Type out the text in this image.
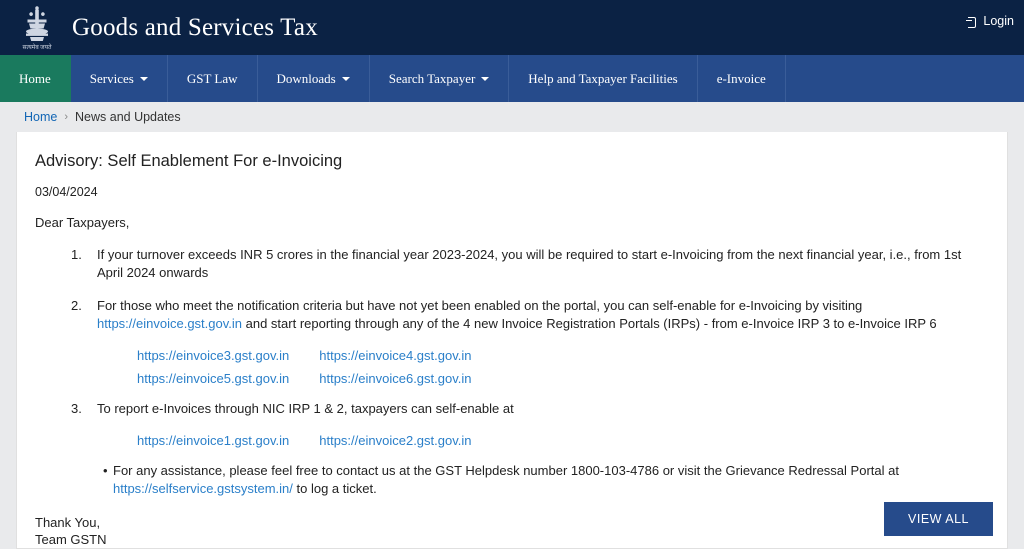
सत्यमेव जयते
Goods and Services Tax	Login
Home	Services	GST Law	Downloads	Search Taxpayer	Help and Taxpayer Facilities	e-Invoice
Home › News and Updates
Advisory: Self Enablement For e-Invoicing
03/04/2024
Dear Taxpayers,

1.	If your turnover exceeds INR 5 crores in the financial year 2023-2024, you will be required to start e-Invoicing from the next financial year, i.e., from 1st April 2024 onwards

2.	For those who meet the notification criteria but have not yet been enabled on the portal, you can self-enable for e-Invoicing by visiting https://einvoice.gst.gov.in and start reporting through any of the 4 new Invoice Registration Portals (IRPs) - from e-Invoice IRP 3 to e-Invoice IRP 6

https://einvoice3.gst.gov.in https://einvoice4.gst.gov.in
https://einvoice5.gst.gov.in https://einvoice6.gst.gov.in

3.	To report e-Invoices through NIC IRP 1 & 2, taxpayers can self-enable at

https://einvoice1.gst.gov.in https://einvoice2.gst.gov.in

• For any assistance, please feel free to contact us at the GST Helpdesk number 1800-103-4786 or visit the Grievance Redressal Portal at https://selfservice.gstsystem.in/ to log a ticket.

Thank You,
Team GSTN
VIEW ALL
